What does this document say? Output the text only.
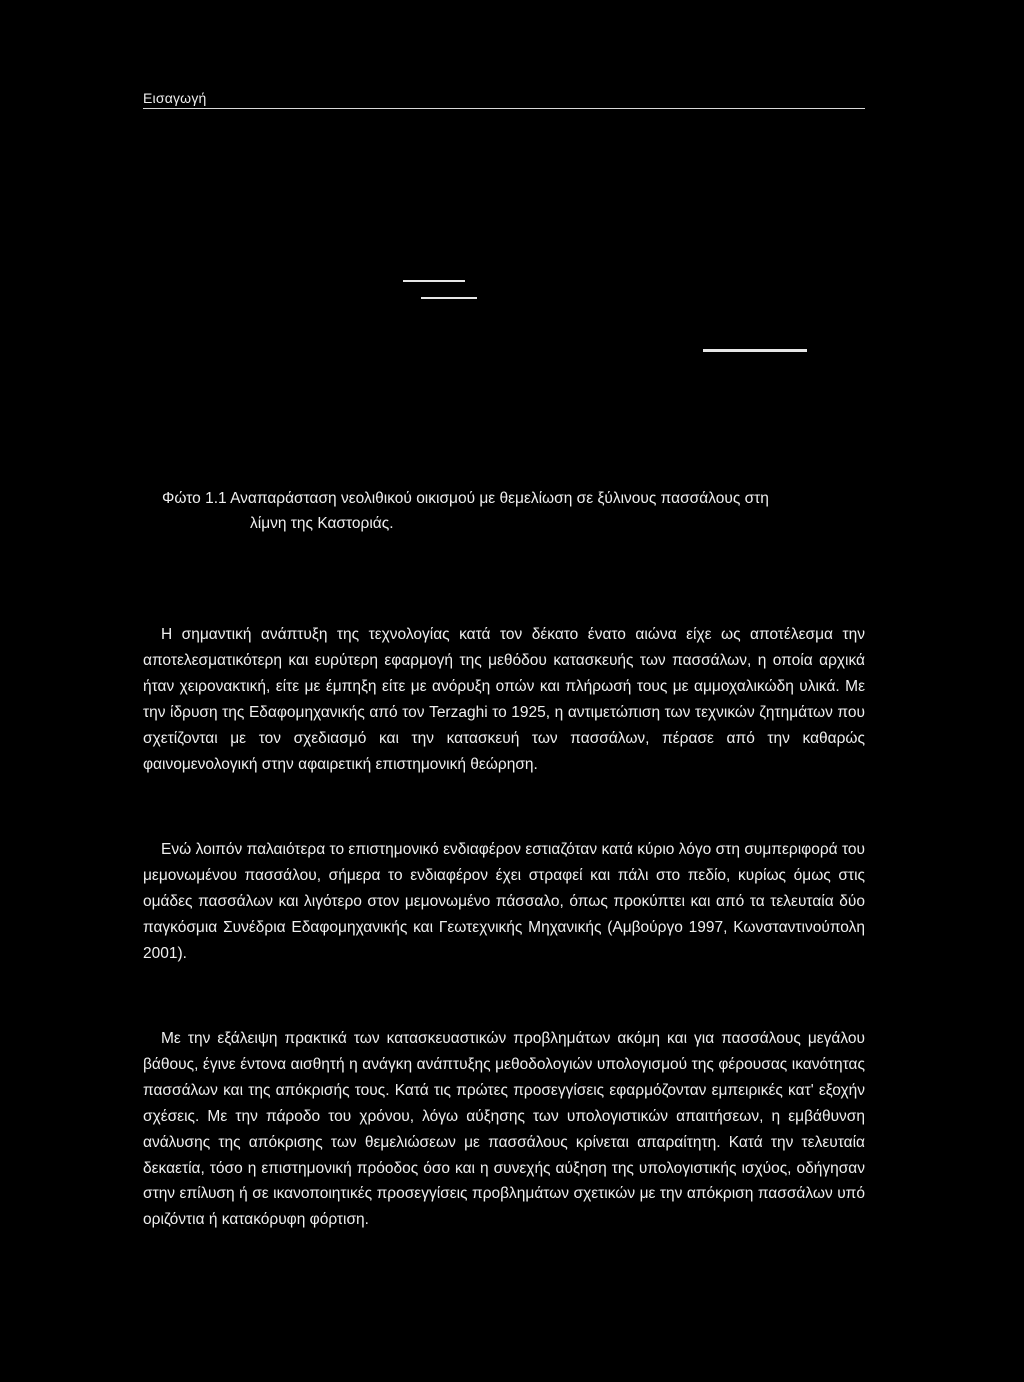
Εισαγωγή
Φώτο 1.1 Αναπαράσταση νεολιθικού οικισμού με θεμελίωση σε ξύλινους πασσάλους στη
λίμνη της Καστοριάς.

Η σημαντική ανάπτυξη της τεχνολογίας κατά τον δέκατο ένατο αιώνα είχε ως αποτέλεσμα την αποτελεσματικότερη και ευρύτερη εφαρμογή της μεθόδου κατασκευής των πασσάλων, η οποία αρχικά ήταν χειρονακτική, είτε με έμπηξη είτε με ανόρυξη οπών και πλήρωσή τους με αμμοχαλικώδη υλικά. Με την ίδρυση της Εδαφομηχανικής από τον Terzaghi το 1925, η αντιμετώπιση των τεχνικών ζητημάτων που σχετίζονται με τον σχεδιασμό και την κατασκευή των πασσάλων, πέρασε από την καθαρώς φαινομενολογική στην αφαιρετική επιστημονική θεώρηση.

Ενώ λοιπόν παλαιότερα το επιστημονικό ενδιαφέρον εστιαζόταν κατά κύριο λόγο στη συμπεριφορά του μεμονωμένου πασσάλου, σήμερα το ενδιαφέρον έχει στραφεί και πάλι στο πεδίο, κυρίως όμως στις ομάδες πασσάλων και λιγότερο στον μεμονωμένο πάσσαλο, όπως προκύπτει και από τα τελευταία δύο παγκόσμια Συνέδρια Εδαφομηχανικής και Γεωτεχνικής Μηχανικής (Αμβούργο 1997, Κωνσταντινούπολη 2001).

Με την εξάλειψη πρακτικά των κατασκευαστικών προβλημάτων ακόμη και για πασσάλους μεγάλου βάθους, έγινε έντονα αισθητή η ανάγκη ανάπτυξης μεθοδολογιών υπολογισμού της φέρουσας ικανότητας πασσάλων και της απόκρισής τους. Κατά τις πρώτες προσεγγίσεις εφαρμόζονταν εμπειρικές κατ' εξοχήν σχέσεις. Με την πάροδο του χρόνου, λόγω αύξησης των υπολογιστικών απαιτήσεων, η εμβάθυνση ανάλυσης της απόκρισης των θεμελιώσεων με πασσάλους κρίνεται απαραίτητη. Κατά την τελευταία δεκαετία, τόσο η επιστημονική πρόοδος όσο και η συνεχής αύξηση της υπολογιστικής ισχύος, οδήγησαν στην επίλυση ή σε ικανοποιητικές προσεγγίσεις προβλημάτων σχετικών με την απόκριση πασσάλων υπό οριζόντια ή κατακόρυφη φόρτιση.
